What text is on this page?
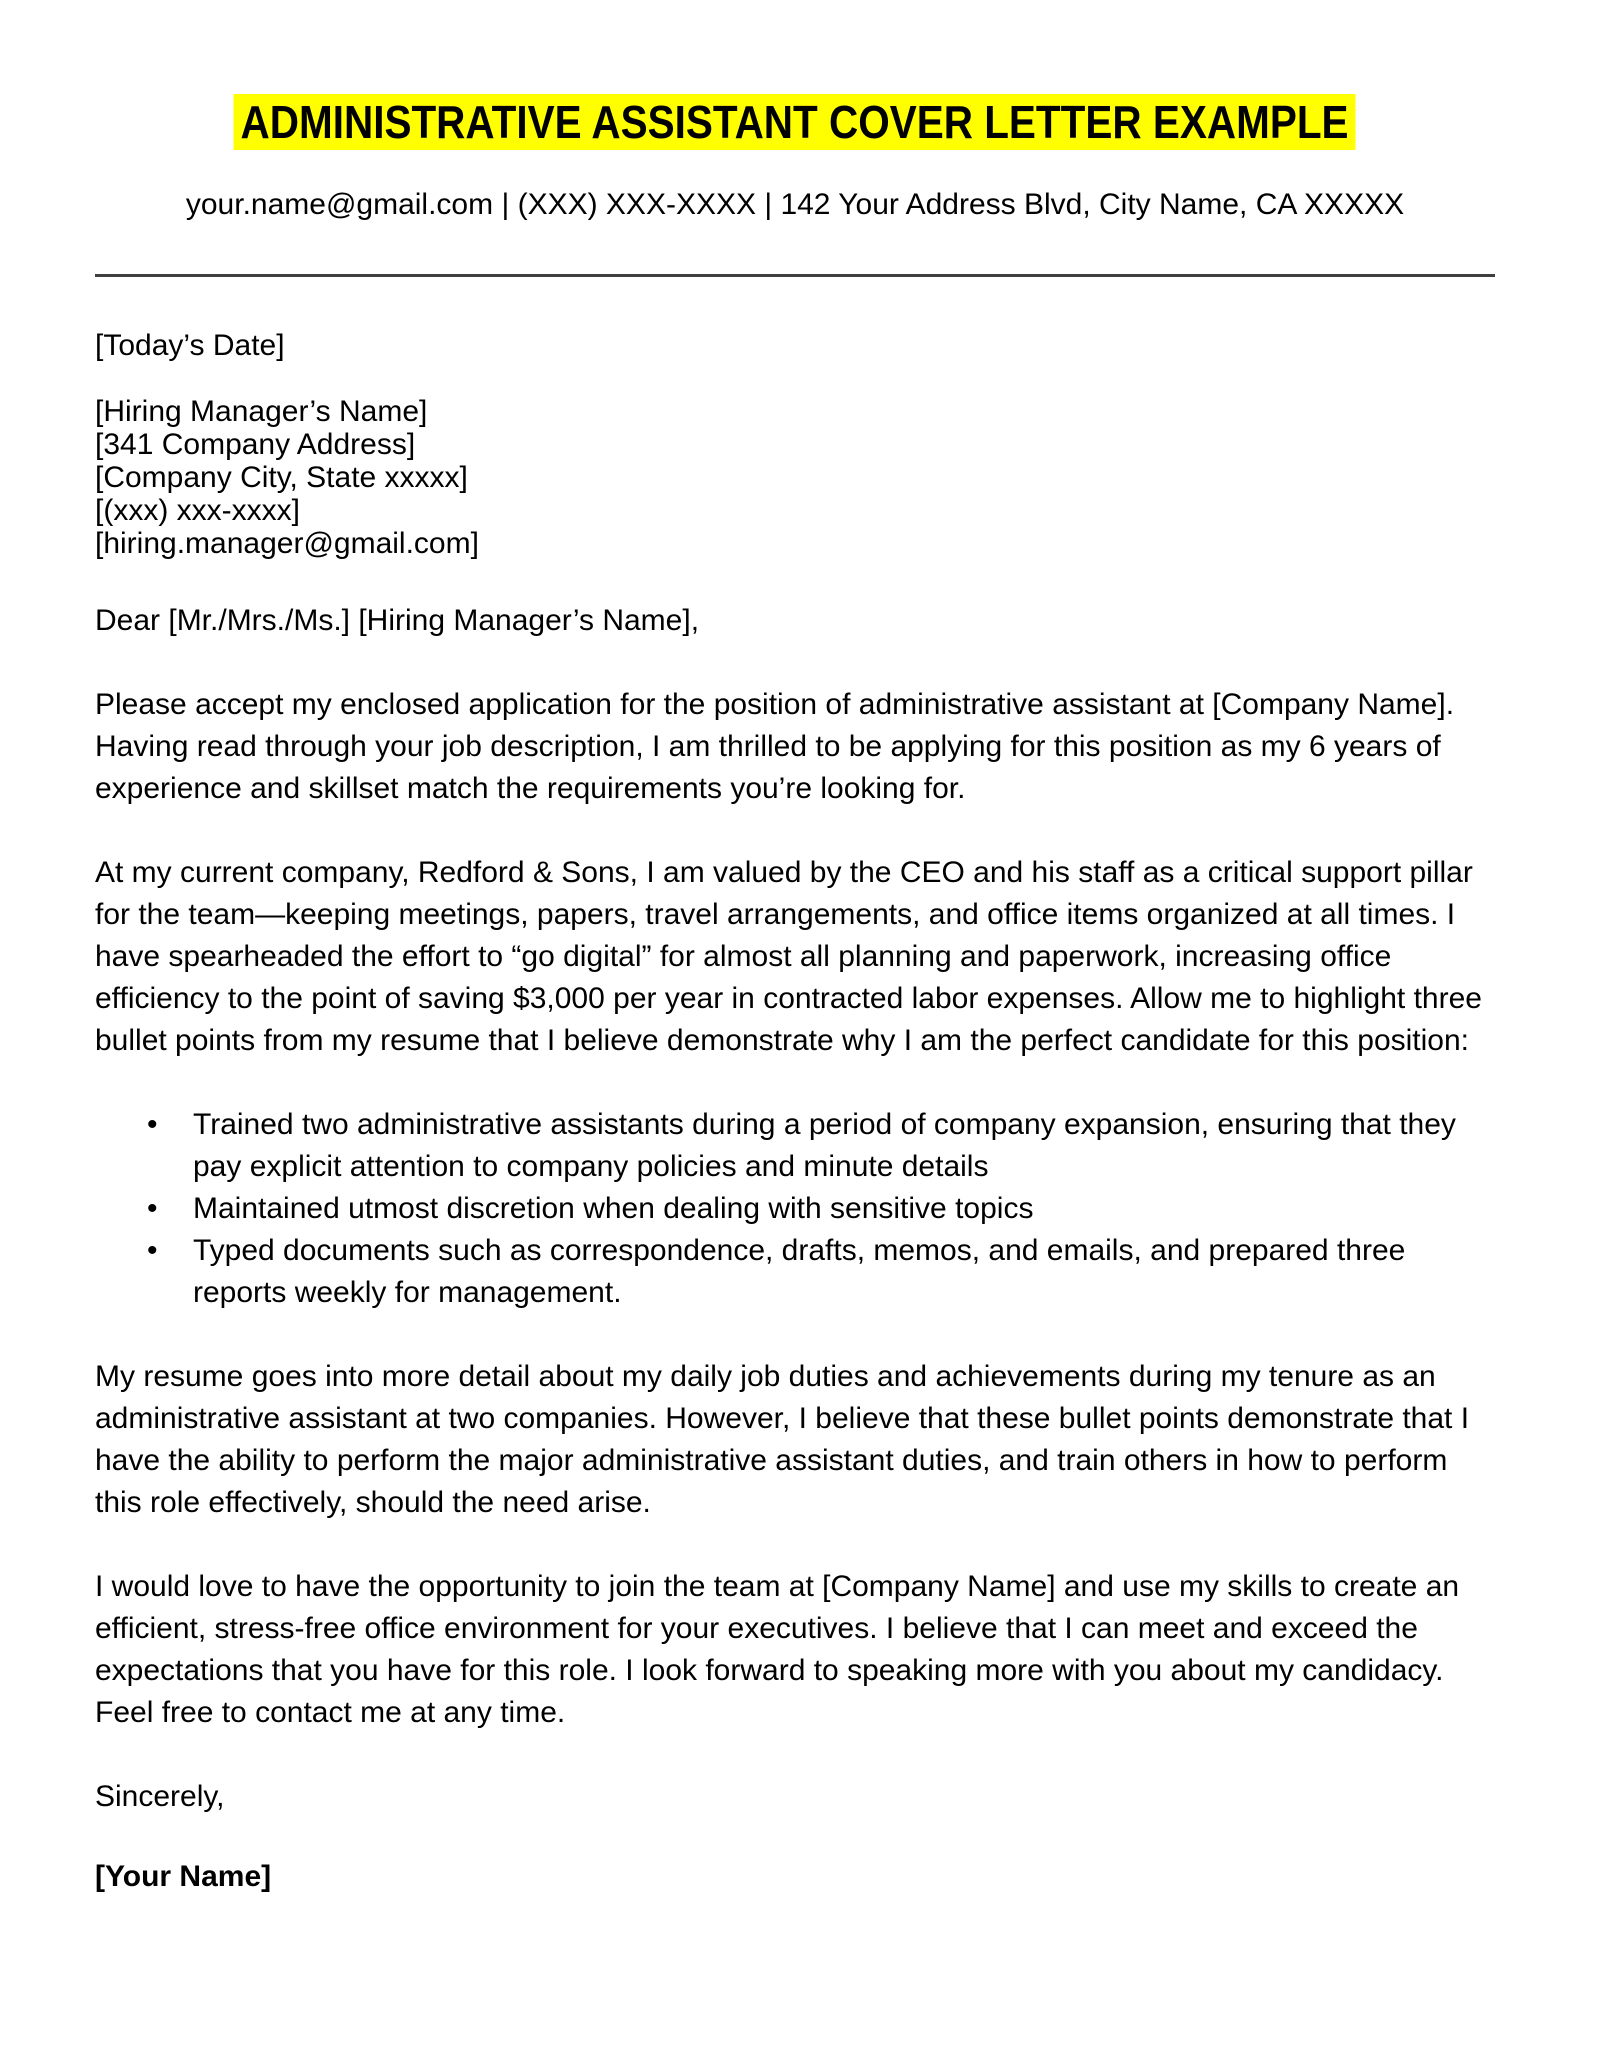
ADMINISTRATIVE ASSISTANT COVER LETTER EXAMPLE
your.name@gmail.com | (XXX) XXX-XXXX | 142 Your Address Blvd, City Name, CA XXXXX
[Today’s Date]
[Hiring Manager’s Name]
[341 Company Address]
[Company City, State xxxxx]
[(xxx) xxx-xxxx]
[hiring.manager@gmail.com]
Dear [Mr./Mrs./Ms.] [Hiring Manager’s Name],

Please accept my enclosed application for the position of administrative assistant at [Company Name]. Having read through your job description, I am thrilled to be applying for this position as my 6 years of experience and skillset match the requirements you’re looking for.

At my current company, Redford & Sons, I am valued by the CEO and his staff as a critical support pillar for the team—keeping meetings, papers, travel arrangements, and office items organized at all times. I have spearheaded the effort to “go digital” for almost all planning and paperwork, increasing office efficiency to the point of saving $3,000 per year in contracted labor expenses. Allow me to highlight three bullet points from my resume that I believe demonstrate why I am the perfect candidate for this position:

• Trained two administrative assistants during a period of company expansion, ensuring that they pay explicit attention to company policies and minute details
• Maintained utmost discretion when dealing with sensitive topics
• Typed documents such as correspondence, drafts, memos, and emails, and prepared three reports weekly for management.

My resume goes into more detail about my daily job duties and achievements during my tenure as an administrative assistant at two companies. However, I believe that these bullet points demonstrate that I have the ability to perform the major administrative assistant duties, and train others in how to perform this role effectively, should the need arise.

I would love to have the opportunity to join the team at [Company Name] and use my skills to create an efficient, stress-free office environment for your executives. I believe that I can meet and exceed the expectations that you have for this role. I look forward to speaking more with you about my candidacy. Feel free to contact me at any time.

Sincerely,
[Your Name]
